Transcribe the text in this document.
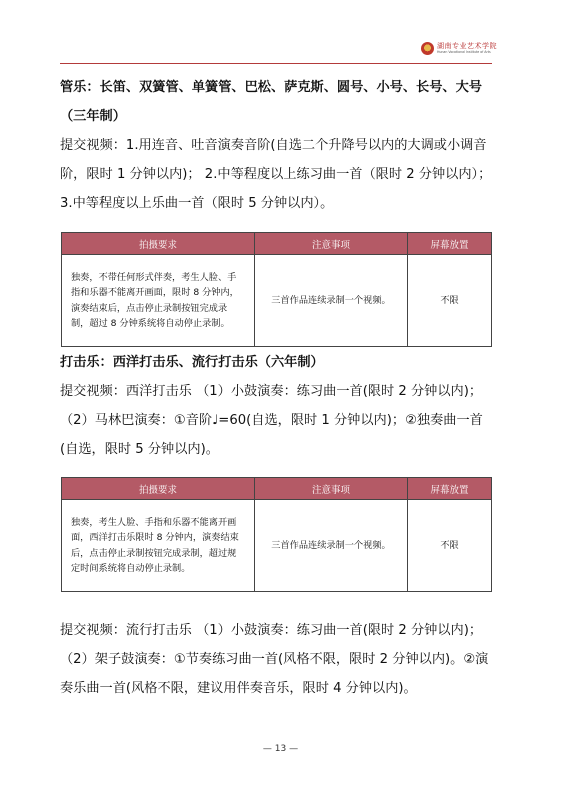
湖南专业艺术学院
Hunan Vocational Institute of Arts

管乐：长笛、双簧管、单簧管、巴松、萨克斯、圆号、小号、长号、大号（三年制）

提交视频：1.用连音、吐音演奏音阶(自选二个升降号以内的大调或小调音阶，限时 1 分钟以内)； 2.中等程度以上练习曲一首（限时 2 分钟以内）； 3.中等程度以上乐曲一首（限时 5 分钟以内）。

拍摄要求	注意事项	屏幕放置
独奏，不带任何形式伴奏，考生人脸、手指和乐器不能离开画面，限时 8 分钟内，演奏结束后，点击停止录制按钮完成录制，超过 8 分钟系统将自动停止录制。	三首作品连续录制一个视频。	不限

打击乐：西洋打击乐、流行打击乐（六年制）

提交视频：西洋打击乐 （1）小鼓演奏：练习曲一首(限时 2 分钟以内)；（2）马林巴演奏：①音阶♩=60(自选，限时 1 分钟以内)；②独奏曲一首(自选，限时 5 分钟以内)。

拍摄要求	注意事项	屏幕放置
独奏，考生人脸、手指和乐器不能离开画面，西洋打击乐限时 8 分钟内，演奏结束后，点击停止录制按钮完成录制，超过规定时间系统将自动停止录制。	三首作品连续录制一个视频。	不限

提交视频：流行打击乐 （1）小鼓演奏：练习曲一首(限时 2 分钟以内)；（2）架子鼓演奏：①节奏练习曲一首(风格不限，限时 2 分钟以内)。②演奏乐曲一首(风格不限，建议用伴奏音乐，限时 4 分钟以内)。

— 13 —
